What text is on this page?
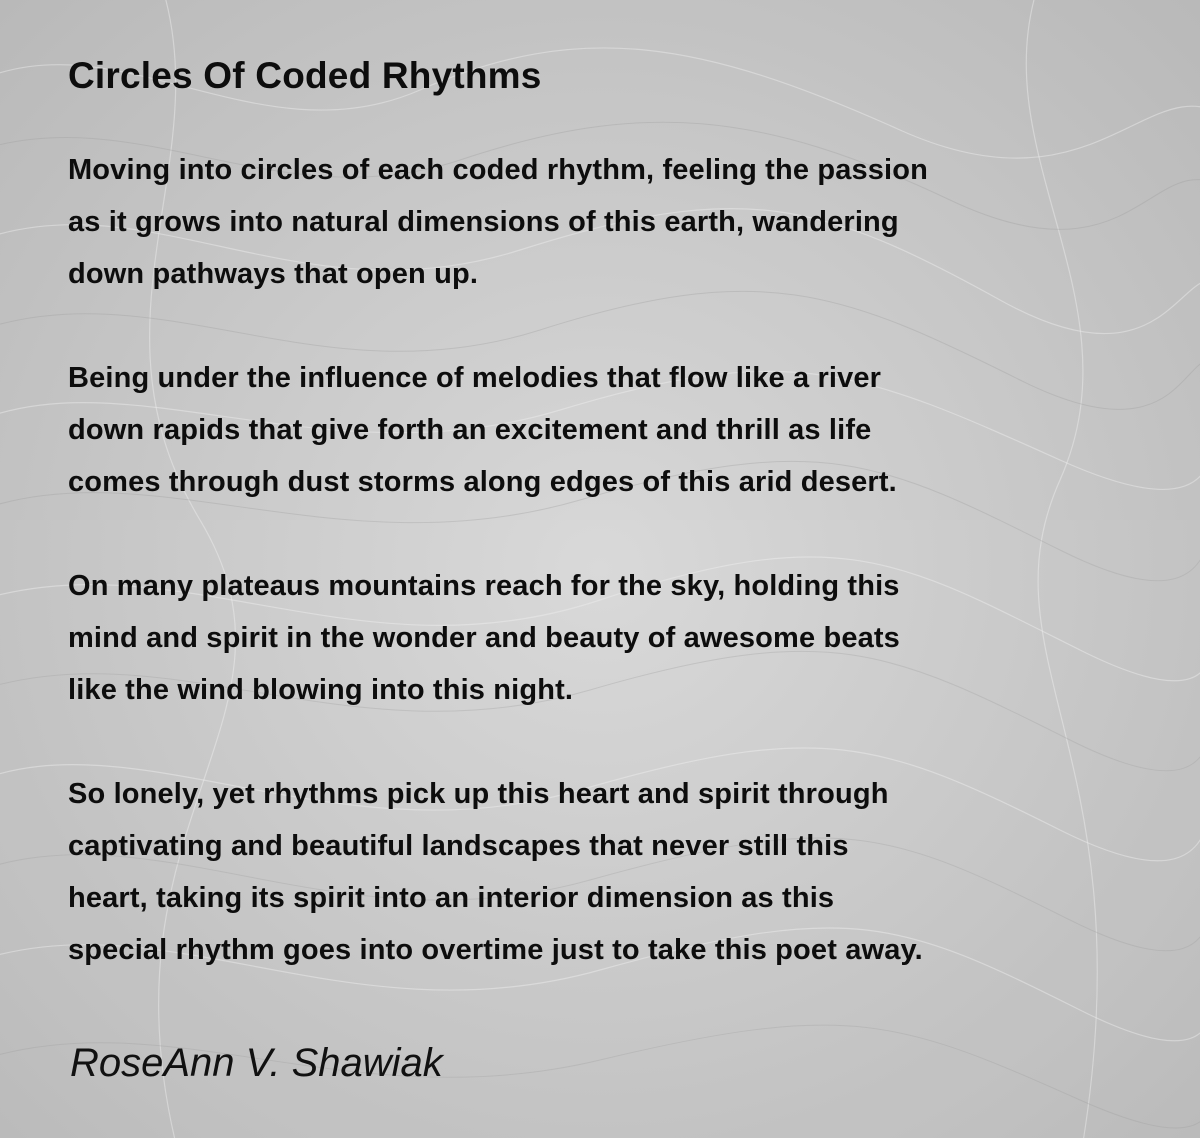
Circles Of Coded Rhythms
Moving into circles of each coded rhythm, feeling the passion
as it grows into natural dimensions of this earth, wandering
down pathways that open up.
Being under the influence of melodies that flow like a river
down rapids that give forth an excitement and thrill as life
comes through dust storms along edges of this arid desert.
On many plateaus mountains reach for the sky, holding this
mind and spirit in the wonder and beauty of awesome beats
like the wind blowing into this night.
So lonely, yet rhythms pick up this heart and spirit through
captivating and beautiful landscapes that never still this
heart, taking its spirit into an interior dimension as this
special rhythm goes into overtime just to take this poet away.
RoseAnn V. Shawiak
